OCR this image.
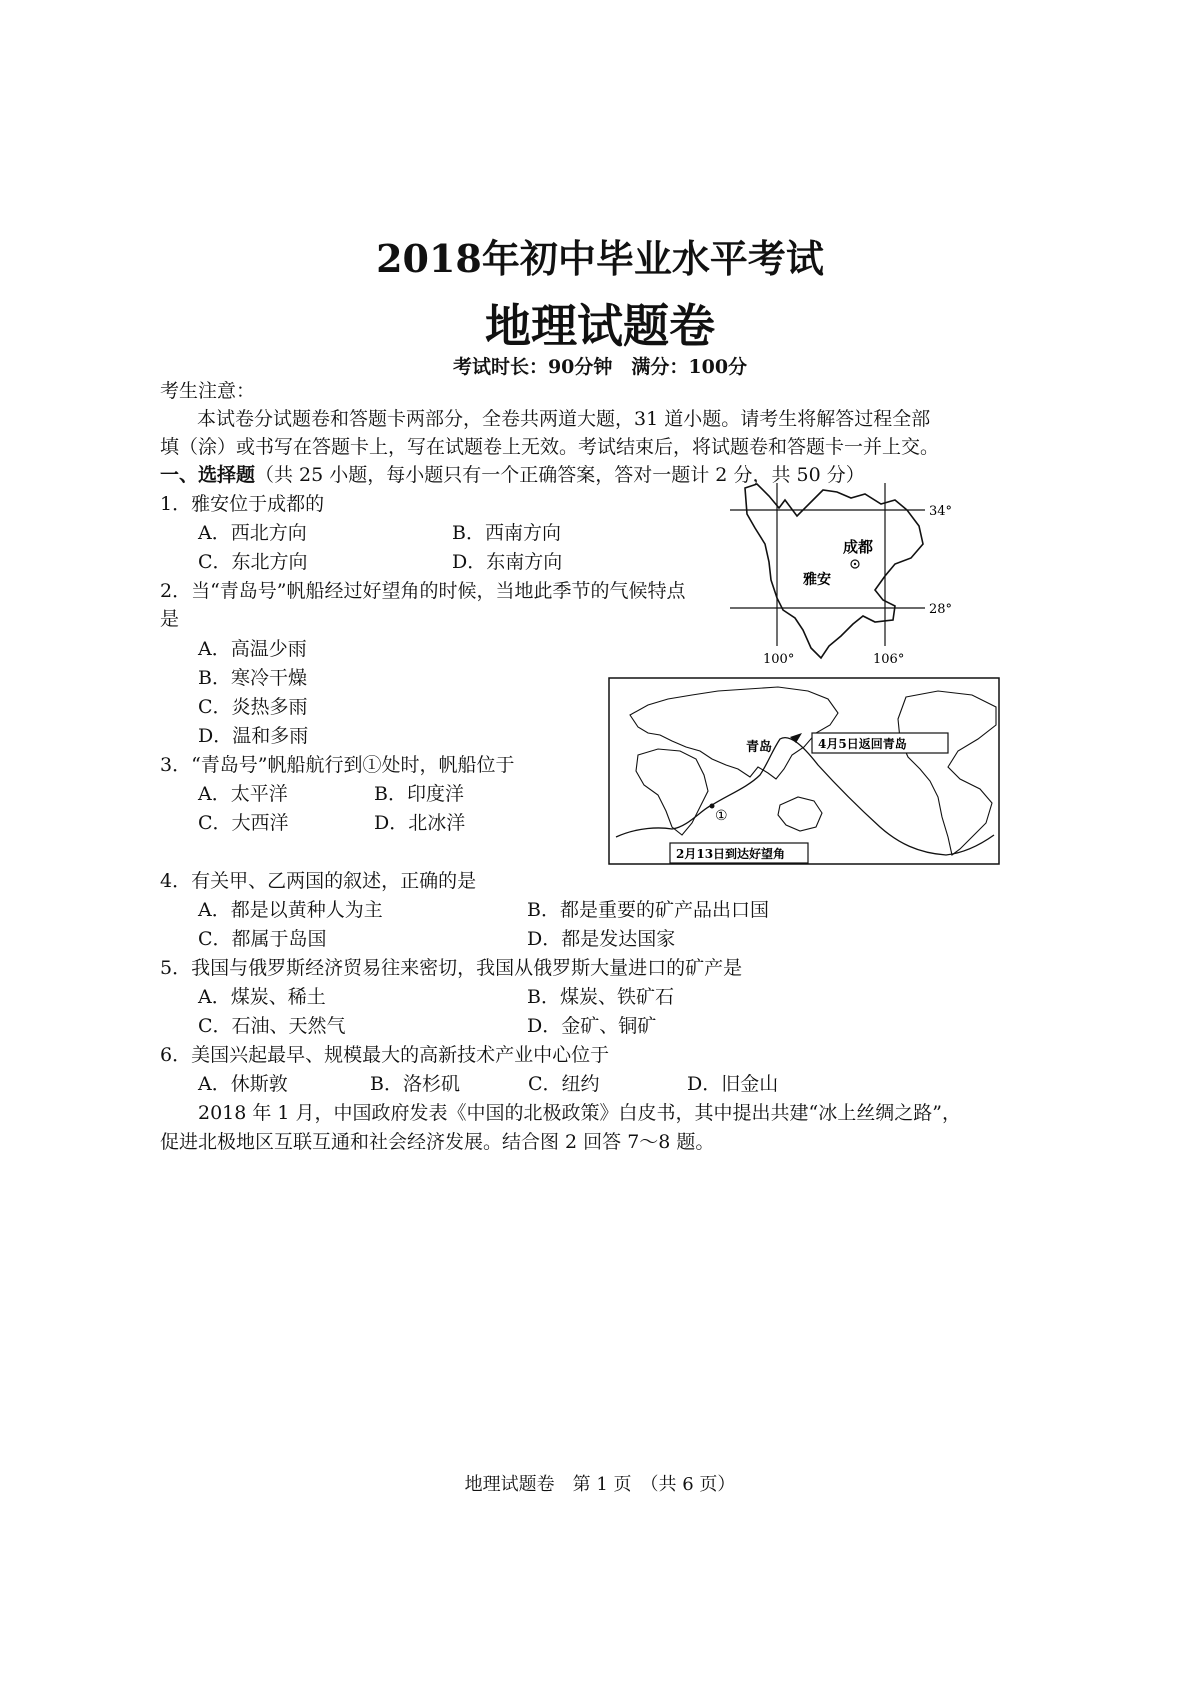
2018年初中毕业水平考试
地理试题卷
考试时长：90分钟　满分：100分
考生注意：
本试卷分试题卷和答题卡两部分，全卷共两道大题，31 道小题。请考生将解答过程全部
填（涂）或书写在答题卡上，写在试题卷上无效。考试结束后，将试题卷和答题卡一并上交。
一、选择题（共 25 小题，每小题只有一个正确答案，答对一题计 2 分，共 50 分）
1．雅安位于成都的
A．西北方向	B．西南方向
C．东北方向	D．东南方向
2．当“青岛号”帆船经过好望角的时候，当地此季节的气候特点
是
A．高温少雨
B．寒冷干燥
C．炎热多雨
D．温和多雨
3．“青岛号”帆船航行到①处时，帆船位于
A．太平洋	B．印度洋
C．大西洋	D．北冰洋
4．有关甲、乙两国的叙述，正确的是
A．都是以黄种人为主	B．都是重要的矿产品出口国
C．都属于岛国	D．都是发达国家
5．我国与俄罗斯经济贸易往来密切，我国从俄罗斯大量进口的矿产是
A．煤炭、稀土	B．煤炭、铁矿石
C．石油、天然气	D．金矿、铜矿
6．美国兴起最早、规模最大的高新技术产业中心位于
A．休斯敦	B．洛杉矶	C．纽约	D．旧金山
2018 年 1 月，中国政府发表《中国的北极政策》白皮书，其中提出共建“冰上丝绸之路”，
促进北极地区互联互通和社会经济发展。结合图 2 回答 7～8 题。
成都
雅安
34°
28°
100°	106°
①
青岛	4月5日返回青岛
2月13日到达好望角
地理试题卷　第 1 页　（共 6 页）
